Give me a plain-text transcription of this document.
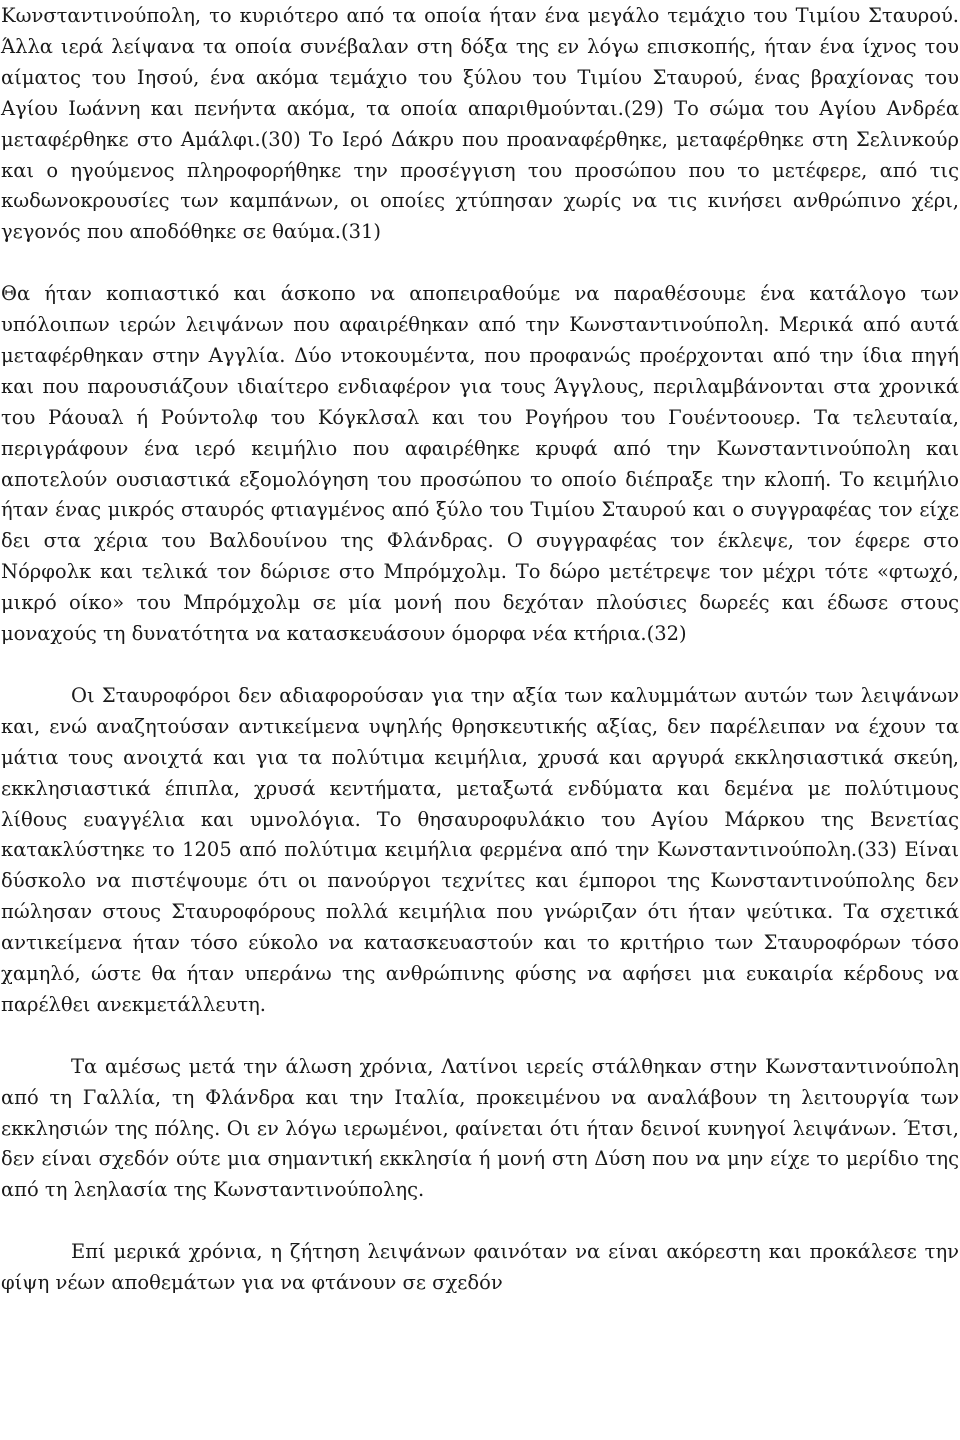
Κωνσταντινούπολη, το κυριότερο από τα οποία ήταν ένα μεγάλο τεμάχιο του Τιμίου Σταυρού. Άλλα ιερά λείψανα τα οποία συνέβαλαν στη δόξα της εν λόγω επισκοπής, ήταν ένα ίχνος του αίματος του Ιησού, ένα ακόμα τεμάχιο του ξύλου του Τιμίου Σταυρού, ένας βραχίονας του Αγίου Ιωάννη και πενήντα ακόμα, τα οποία απαριθμούνται.(29) Το σώμα του Αγίου Ανδρέα μεταφέρθηκε στο Αμάλφι.(30) Το Ιερό Δάκρυ που προαναφέρθηκε, μεταφέρθηκε στη Σελινκούρ και ο ηγούμενος πληροφορήθηκε την προσέγγιση του προσώπου που το μετέφερε, από τις κωδωνοκρουσίες των καμπάνων, οι οποίες χτύπησαν χωρίς να τις κινήσει ανθρώπινο χέρι, γεγονός που αποδόθηκε σε θαύμα.(31)

Θα ήταν κοπιαστικό και άσκοπο να αποπειραθούμε να παραθέσουμε ένα κατάλογο των υπόλοιπων ιερών λειψάνων που αφαιρέθηκαν από την Κωνσταντινούπολη. Μερικά από αυτά μεταφέρθηκαν στην Αγγλία. Δύο ντοκουμέντα, που προφανώς προέρχονται από την ίδια πηγή και που παρουσιάζουν ιδιαίτερο ενδιαφέρον για τους Άγγλους, περιλαμβάνονται στα χρονικά του Ράουαλ ή Ρούντολφ του Κόγκλσαλ και του Ρογήρου του Γουέντοουερ. Τα τελευταία, περιγράφουν ένα ιερό κειμήλιο που αφαιρέθηκε κρυφά από την Κωνσταντινούπολη και αποτελούν ουσιαστικά εξομολόγηση του προσώπου το οποίο διέπραξε την κλοπή. Το κειμήλιο ήταν ένας μικρός σταυρός φτιαγμένος από ξύλο του Τιμίου Σταυρού και ο συγγραφέας τον είχε δει στα χέρια του Βαλδουίνου της Φλάνδρας. Ο συγγραφέας τον έκλεψε, τον έφερε στο Νόρφολκ και τελικά τον δώρισε στο Μπρόμχολμ. Το δώρο μετέτρεψε τον μέχρι τότε «φτωχό, μικρό οίκο» του Μπρόμχολμ σε μία μονή που δεχόταν πλούσιες δωρεές και έδωσε στους μοναχούς τη δυνατότητα να κατασκευάσουν όμορφα νέα κτήρια.(32)

Οι Σταυροφόροι δεν αδιαφορούσαν για την αξία των καλυμμάτων αυτών των λειψάνων και, ενώ αναζητούσαν αντικείμενα υψηλής θρησκευτικής αξίας, δεν παρέλειπαν να έχουν τα μάτια τους ανοιχτά και για τα πολύτιμα κειμήλια, χρυσά και αργυρά εκκλησιαστικά σκεύη, εκκλησιαστικά έπιπλα, χρυσά κεντήματα, μεταξωτά ενδύματα και δεμένα με πολύτιμους λίθους ευαγγέλια και υμνολόγια. Το θησαυροφυλάκιο του Αγίου Μάρκου της Βενετίας κατακλύστηκε το 1205 από πολύτιμα κειμήλια φερμένα από την Κωνσταντινούπολη.(33) Είναι δύσκολο να πιστέψουμε ότι οι πανούργοι τεχνίτες και έμποροι της Κωνσταντινούπολης δεν πώλησαν στους Σταυροφόρους πολλά κειμήλια που γνώριζαν ότι ήταν ψεύτικα. Τα σχετικά αντικείμενα ήταν τόσο εύκολο να κατασκευαστούν και το κριτήριο των Σταυροφόρων τόσο χαμηλό, ώστε θα ήταν υπεράνω της ανθρώπινης φύσης να αφήσει μια ευκαιρία κέρδους να παρέλθει ανεκμετάλλευτη.

Τα αμέσως μετά την άλωση χρόνια, Λατίνοι ιερείς στάλθηκαν στην Κωνσταντινούπολη από τη Γαλλία, τη Φλάνδρα και την Ιταλία, προκειμένου να αναλάβουν τη λειτουργία των εκκλησιών της πόλης. Οι εν λόγω ιερωμένοι, φαίνεται ότι ήταν δεινοί κυνηγοί λειψάνων. Έτσι, δεν είναι σχεδόν ούτε μια σημαντική εκκλησία ή μονή στη Δύση που να μην είχε το μερίδιο της από τη λεηλασία της Κωνσταντινούπολης.

Επί μερικά χρόνια, η ζήτηση λειψάνων φαινόταν να είναι ακόρεστη και προκάλεσε την φίψη νέων αποθεμάτων για να φτάνουν σε σχεδόν
